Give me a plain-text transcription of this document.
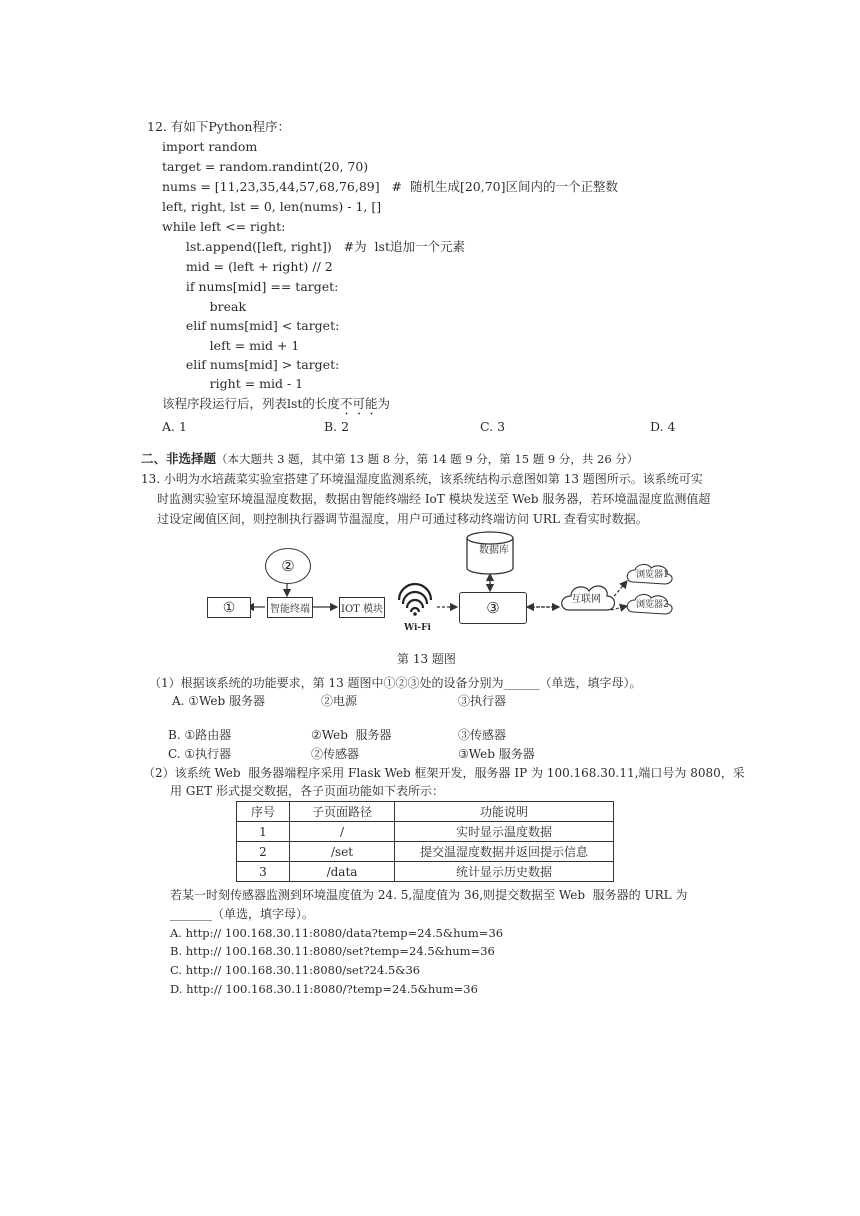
12. 有如下Python程序：
import random
target = random.randint(20, 70)
nums = [11,23,35,44,57,68,76,89]   #  随机生成[20,70]区间内的一个正整数
left, right, lst = 0, len(nums) - 1, []
while left <= right:
lst.append([left, right])   #为  lst追加一个元素
mid = (left + right) // 2
if nums[mid] == target:
break
elif nums[mid] < target:
left = mid + 1
elif nums[mid] > target:
right = mid - 1
该程序段运行后，列表lst的长度不可能为
A. 1	B. 2	C. 3	D. 4
二、非选择题（本大题共 3 题，其中第 13 题 8 分，第 14 题 9 分，第 15 题 9 分，共 26 分）
13. 小明为水培蔬菜实验室搭建了环境温湿度监测系统，该系统结构示意图如第 13 题图所示。该系统可实
时监测实验室环境温湿度数据，数据由智能终端经 IoT 模块发送至 Web 服务器，若环境温湿度监测值超
过设定阈值区间，则控制执行器调节温湿度，用户可通过移动终端访问 URL 查看实时数据。
②
①	智能终端	IOT 模块	③
Wi-Fi
数据库
互联网
浏览器1
浏览器2
第 13 题图
（1）根据该系统的功能要求，第 13 题图中①②③处的设备分别为______（单选，填字母）。
A. ①Web 服务器	②电源	③执行器
B. ①路由器	②Web  服务器	③传感器
C. ①执行器	②传感器	③Web 服务器
（2）该系统 Web  服务器端程序采用 Flask Web 框架开发，服务器 IP 为 100.168.30.11,端口号为 8080，采
用 GET 形式提交数据，各子页面功能如下表所示：
序号	子页面路径	功能说明
1	/	实时显示温度数据
2	/set	提交温湿度数据并返回提示信息
3	/data	统计显示历史数据
若某一时刻传感器监测到环境温度值为 24. 5,湿度值为 36,则提交数据至 Web  服务器的 URL 为
_______（单选，填字母）。
A. http:// 100.168.30.11:8080/data?temp=24.5&hum=36
B. http:// 100.168.30.11:8080/set?temp=24.5&hum=36
C. http:// 100.168.30.11:8080/set?24.5&36
D. http:// 100.168.30.11:8080/?temp=24.5&hum=36
